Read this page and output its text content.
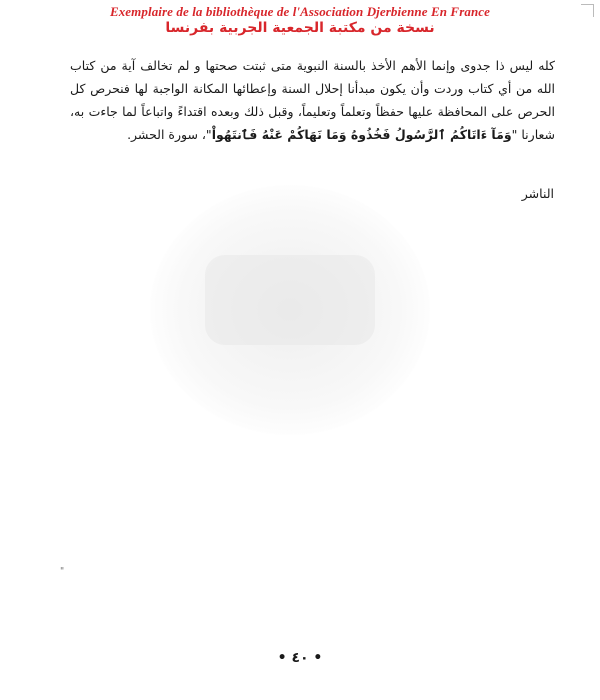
Exemplaire de la bibliothèque de l'Association Djerbienne En France
نسخة من مكتبة الجمعية الجربية بفرنسا

كله ليس ذا جدوى وإنما الأهم الأخذ بالسنة النبوية متى ثبتت صحتها و لم تخالف آية من كتاب الله من أي كتاب وردت وأن يكون مبدأنا إحلال السنة وإعطائها المكانة الواجبة لها فنحرص كل الحرص على المحافظة عليها حفظاً وتعلماً وتعليماً، وقبل ذلك وبعده اقتداءً واتباعاً لما جاءت به، شعارنا "وَمَآ ءَاتَاكُمُ ٱلرَّسُولُ فَخُذُوهُ وَمَا نَهَاكُمْ عَنْهُ فَٱنتَهُواْ"، سورة الحشر.

الناشر
"
• ٤٠ •
